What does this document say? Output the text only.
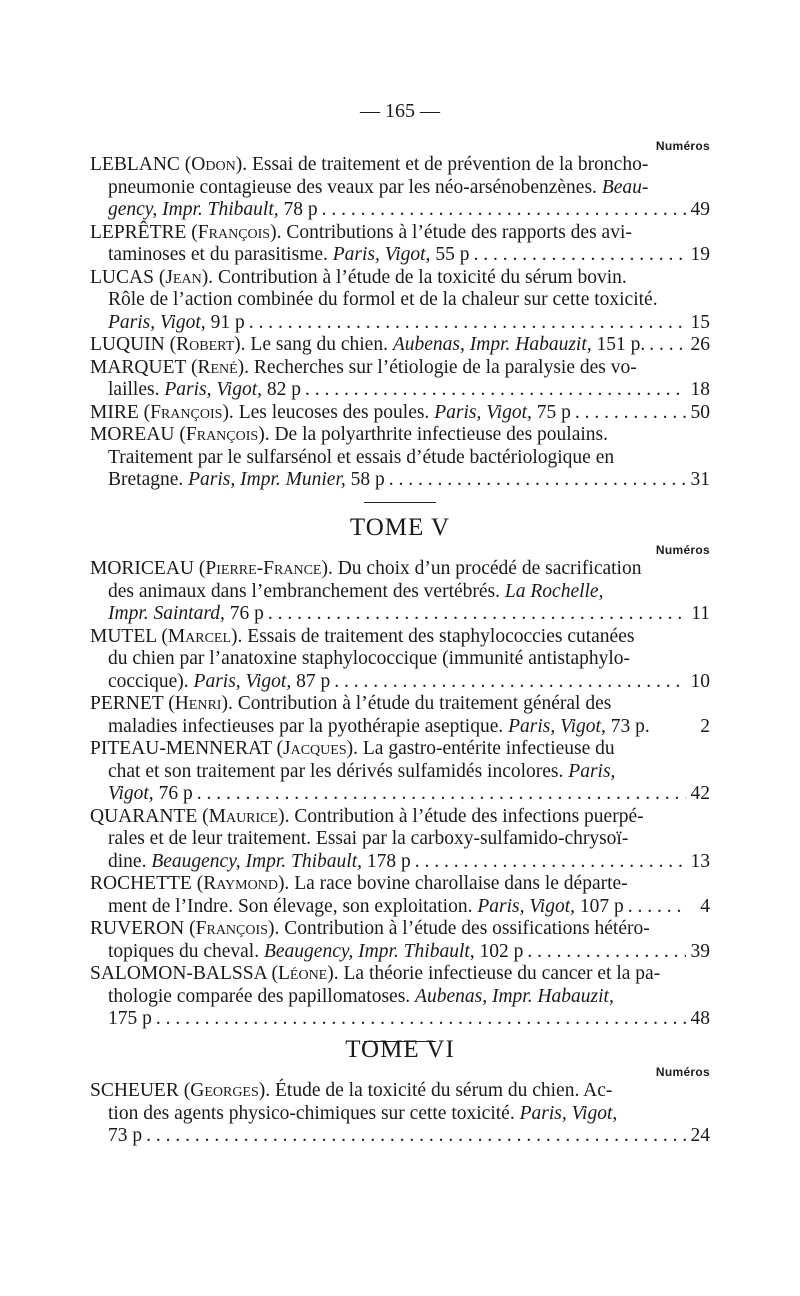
— 165 —
Numéros
LEBLANC (Odon). Essai de traitement et de prévention de la broncho-
pneumonie contagieuse des veaux par les néo-arsénobenzènes. Beau-
gency, Impr. Thibault, 78 p . . .	49
LEPRÊTRE (François). Contributions à l’étude des rapports des avi-
taminoses et du parasitisme. Paris, Vigot, 55 p . . .	19
LUCAS (Jean). Contribution à l’étude de la toxicité du sérum bovin.
Rôle de l’action combinée du formol et de la chaleur sur cette toxicité.
Paris, Vigot, 91 p . . .	15
LUQUIN (Robert). Le sang du chien. Aubenas, Impr. Habauzit, 151 p. . . . 26
MARQUET (René). Recherches sur l’étiologie de la paralysie des vo-
lailles. Paris, Vigot, 82 p . . .	18
MIRE (François). Les leucoses des poules. Paris, Vigot, 75 p . . .	50
MOREAU (François). De la polyarthrite infectieuse des poulains.
Traitement par le sulfarsénol et essais d’étude bactériologique en
Bretagne. Paris, Impr. Munier, 58 p . . .	31
TOME V
Numéros
MORICEAU (Pierre-France). Du choix d’un procédé de sacrification
des animaux dans l’embranchement des vertébrés. La Rochelle,
Impr. Saintard, 76 p . . .	11
MUTEL (Marcel). Essais de traitement des staphylococcies cutanées
du chien par l’anatoxine staphylococcique (immunité antistaphylo-
coccique). Paris, Vigot, 87 p . . .	10
PERNET (Henri). Contribution à l’étude du traitement général des
maladies infectieuses par la pyothérapie aseptique. Paris, Vigot, 73 p.	2
PITEAU-MENNERAT (Jacques). La gastro-entérite infectieuse du
chat et son traitement par les dérivés sulfamidés incolores. Paris,
Vigot, 76 p . . .	42
QUARANTE (Maurice). Contribution à l’étude des infections puerpé-
rales et de leur traitement. Essai par la carboxy-sulfamido-chrysoï-
dine. Beaugency, Impr. Thibault, 178 p . . .	13
ROCHETTE (Raymond). La race bovine charollaise dans le départe-
ment de l’Indre. Son élevage, son exploitation. Paris, Vigot, 107 p . . .	4
RUVERON (François). Contribution à l’étude des ossifications hétéro-
topiques du cheval. Beaugency, Impr. Thibault, 102 p . . .	39
SALOMON-BALSSA (Léone). La théorie infectieuse du cancer et la pa-
thologie comparée des papillomatoses. Aubenas, Impr. Habauzit,
175 p . . .	48
TOME VI
Numéros
SCHEUER (Georges). Étude de la toxicité du sérum du chien. Ac-
tion des agents physico-chimiques sur cette toxicité. Paris, Vigot,
73 p . . .	24
